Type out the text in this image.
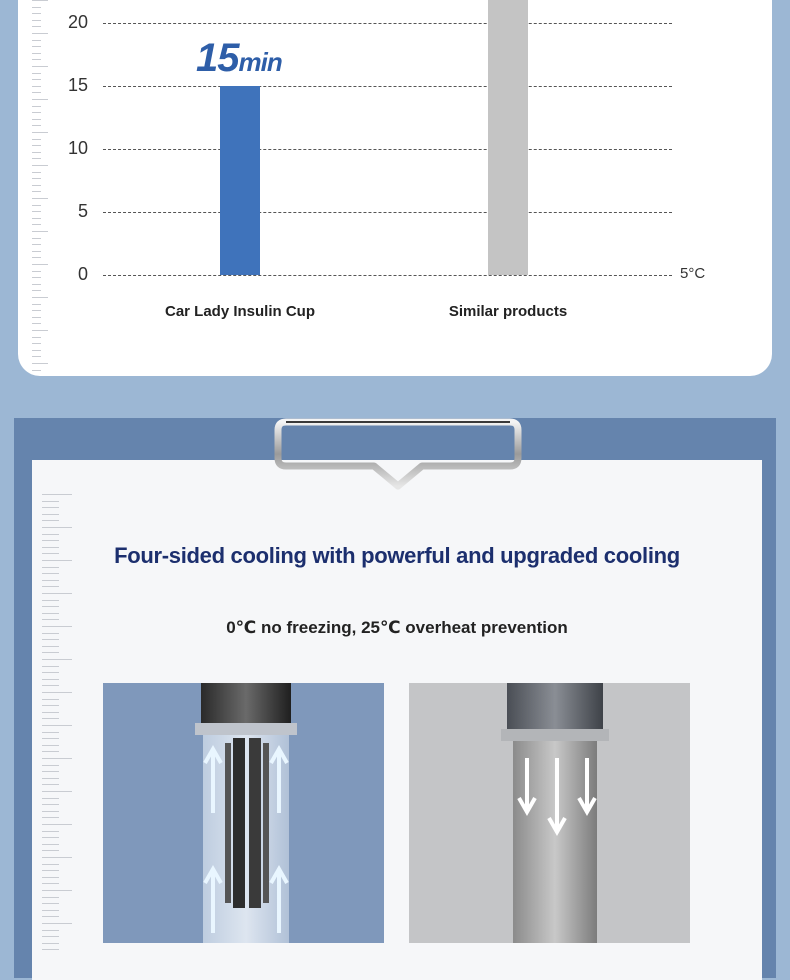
15min
5°C
0
5
10
15
20
Car Lady Insulin Cup	Similar products
Four-sided cooling with powerful and upgraded cooling
0℃ no freezing, 25℃ overheat prevention
